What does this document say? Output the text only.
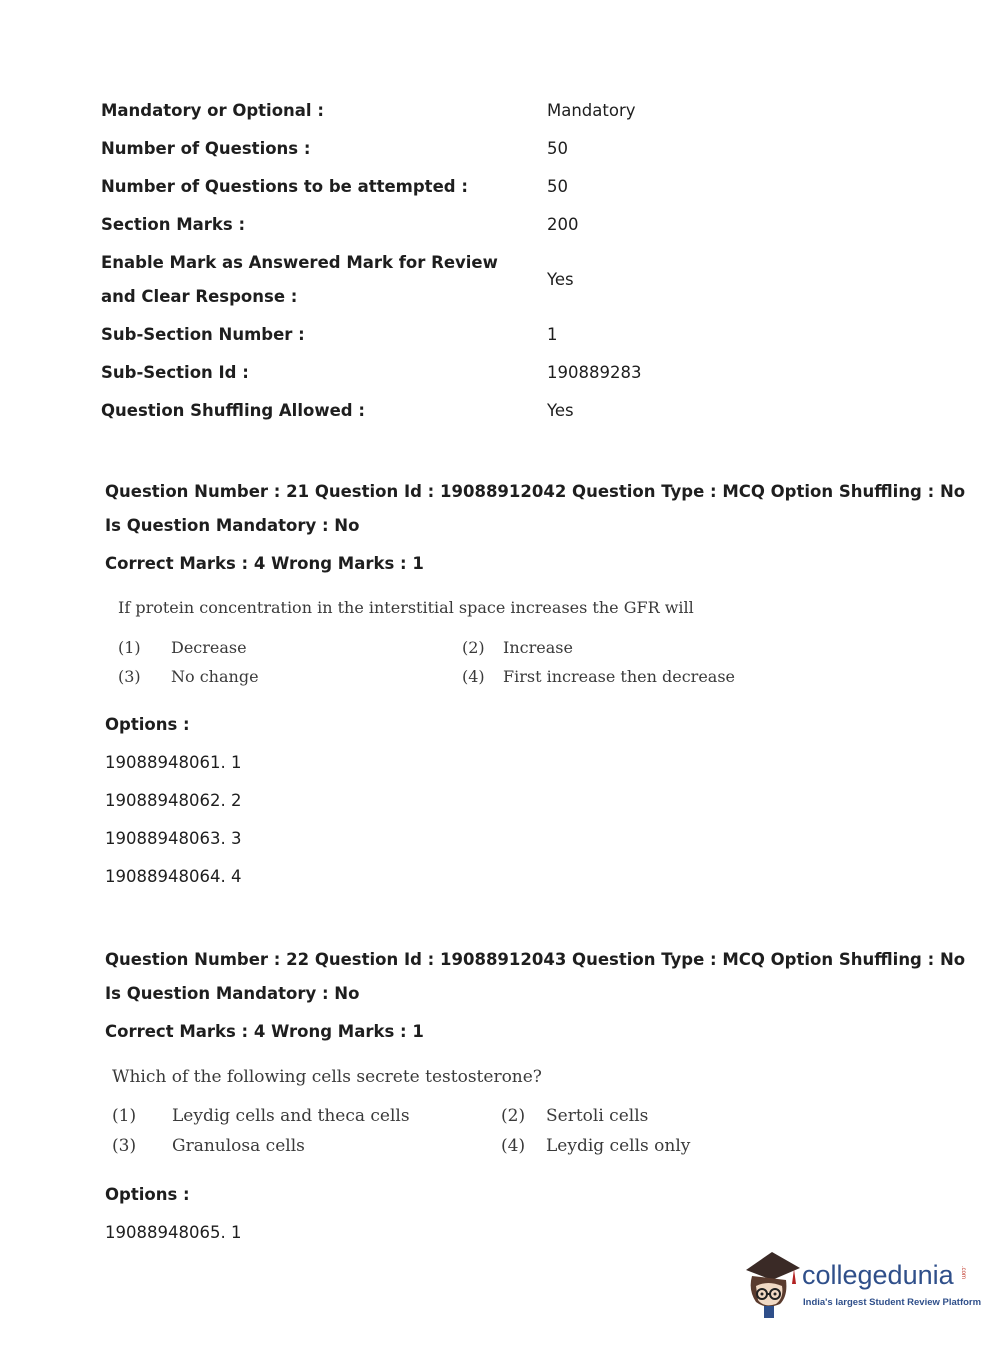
Mandatory or Optional :	Mandatory
Number of Questions :	50
Number of Questions to be attempted :	50
Section Marks :	200
Enable Mark as Answered Mark for Review and Clear Response :
Yes
Sub-Section Number :	1
Sub-Section Id :	190889283
Question Shuffling Allowed :	Yes
Question Number : 21 Question Id : 19088912042 Question Type : MCQ Option Shuffling : No
Is Question Mandatory : No
Correct Marks : 4 Wrong Marks : 1
If protein concentration in the interstitial space increases the GFR will
(1) Decrease	(2) Increase
(3) No change	(4) First increase then decrease
Options :
19088948061. 1
19088948062. 2
19088948063. 3
19088948064. 4
Question Number : 22 Question Id : 19088912043 Question Type : MCQ Option Shuffling : No
Is Question Mandatory : No
Correct Marks : 4 Wrong Marks : 1
Which of the following cells secrete testosterone?
(1) Leydig cells and theca cells	(2) Sertoli cells
(3) Granulosa cells	(4) Leydig cells only
Options :
19088948065. 1
collegedunia .com
India's largest Student Review Platform
